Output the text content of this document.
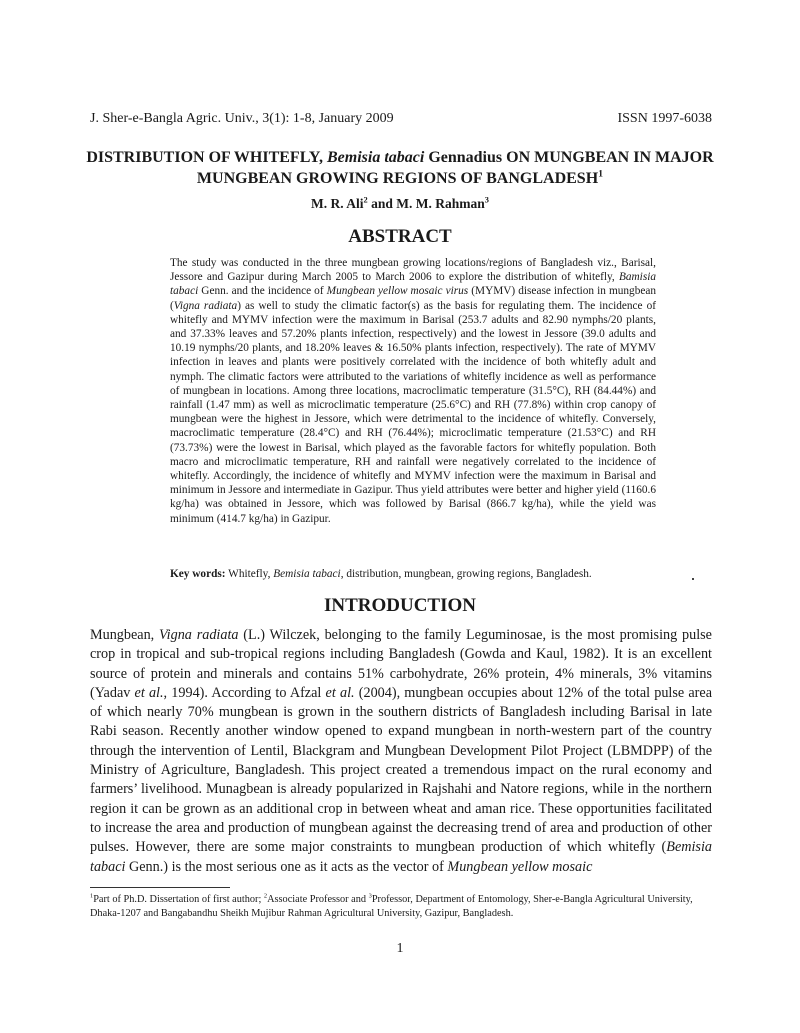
J. Sher-e-Bangla Agric. Univ., 3(1): 1-8, January 2009	ISSN 1997-6038
DISTRIBUTION OF WHITEFLY, Bemisia tabaci Gennadius ON MUNGBEAN IN MAJOR MUNGBEAN GROWING REGIONS OF BANGLADESH$^1$
M. R. Ali$^2$ and M. M. Rahman$^3$
ABSTRACT
The study was conducted in the three mungbean growing locations/regions of Bangladesh viz., Barisal, Jessore and Gazipur during March 2005 to March 2006 to explore the distribution of whitefly, Bamisia tabaci Genn. and the incidence of Mungbean yellow mosaic virus (MYMV) disease infection in mungbean (Vigna radiata) as well to study the climatic factor(s) as the basis for regulating them. The incidence of whitefly and MYMV infection were the maximum in Barisal (253.7 adults and 82.90 nymphs/20 plants, and 37.33% leaves and 57.20% plants infection, respectively) and the lowest in Jessore (39.0 adults and 10.19 nymphs/20 plants, and 18.20% leaves & 16.50% plants infection, respectively). The rate of MYMV infection in leaves and plants were positively correlated with the incidence of both whitefly adult and nymph. The climatic factors were attributed to the variations of whitefly incidence as well as performance of mungbean in locations. Among three locations, macroclimatic temperature (31.5°C), RH (84.44%) and rainfall (1.47 mm) as well as microclimatic temperature (25.6°C) and RH (77.8%) within crop canopy of mungbean were the highest in Jessore, which were detrimental to the incidence of whitefly. Conversely, macroclimatic temperature (28.4°C) and RH (76.44%); microclimatic temperature (21.53°C) and RH (73.73%) were the lowest in Barisal, which played as the favorable factors for whitefly population. Both macro and microclimatic temperature, RH and rainfall were negatively correlated to the incidence of whitefly. Accordingly, the incidence of whitefly and MYMV infection were the maximum in Barisal and minimum in Jessore and intermediate in Gazipur. Thus yield attributes were better and higher yield (1160.6 kg/ha) was obtained in Jessore, which was followed by Barisal (866.7 kg/ha), while the yield was minimum (414.7 kg/ha) in Gazipur.
Key words: Whitefly, Bemisia tabaci, distribution, mungbean, growing regions, Bangladesh.
INTRODUCTION
Mungbean, Vigna radiata (L.) Wilczek, belonging to the family Leguminosae, is the most promising pulse crop in tropical and sub-tropical regions including Bangladesh (Gowda and Kaul, 1982). It is an excellent source of protein and minerals and contains 51% carbohydrate, 26% protein, 4% minerals, 3% vitamins (Yadav et al., 1994). According to Afzal et al. (2004), mungbean occupies about 12% of the total pulse area of which nearly 70% mungbean is grown in the southern districts of Bangladesh including Barisal in late Rabi season. Recently another window opened to expand mungbean in north-western part of the country through the intervention of Lentil, Blackgram and Mungbean Development Pilot Project (LBMDPP) of the Ministry of Agriculture, Bangladesh. This project created a tremendous impact on the rural economy and farmers’ livelihood. Munagbean is already popularized in Rajshahi and Natore regions, while in the northern region it can be grown as an additional crop in between wheat and aman rice. These opportunities facilitated to increase the area and production of mungbean against the decreasing trend of area and production of other pulses. However, there are some major constraints to mungbean production of which whitefly (Bemisia tabaci Genn.) is the most serious one as it acts as the vector of Mungbean yellow mosaic
$^1$Part of Ph.D. Dissertation of first author; $^2$Associate Professor and $^3$Professor, Department of Entomology, Sher-e-Bangla Agricultural University, Dhaka-1207 and Bangabandhu Sheikh Mujibur Rahman Agricultural University, Gazipur, Bangladesh.
1
